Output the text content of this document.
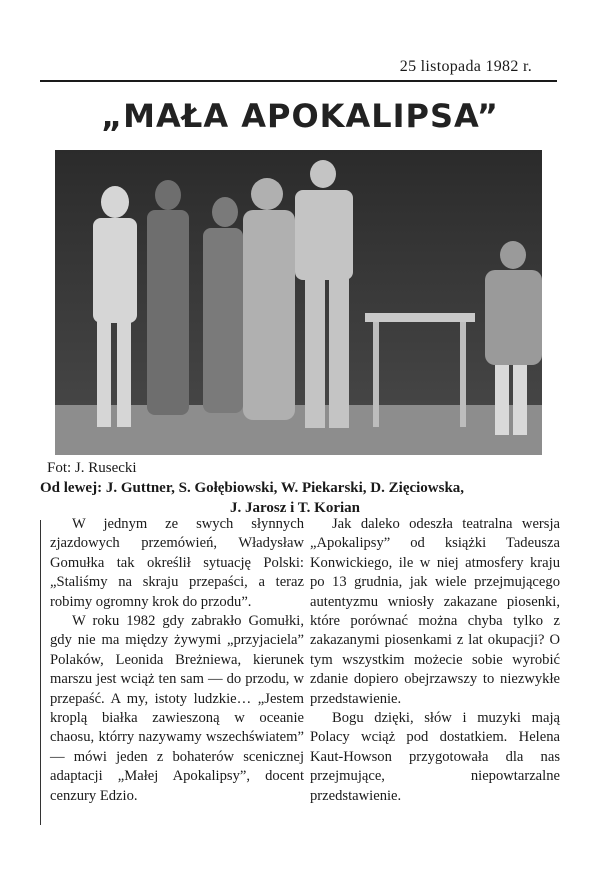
25 listopada 1982 r.
„MAŁA APOKALIPSA”
Fot: J. Rusecki
Od lewej: J. Guttner, S. Gołębiowski, W. Piekarski, D. Zięciowska,
J. Jarosz i T. Korian

W jednym ze swych słynnych zjazdowych przemówień, Władysław Gomułka tak określił sytuację Polski: „Staliśmy na skraju przepaści, a teraz robimy ogromny krok do przodu”.

W roku 1982 gdy zabrakło Gomułki, gdy nie ma między żywymi „przyjaciela” Polaków, Leonida Breżniewa, kierunek marszu jest wciąż ten sam — do przodu, w przepaść. A my, istoty ludzkie… „Jestem kroplą białka zawieszoną w oceanie chaosu, którry nazywamy wszechświatem” — mówi jeden z bohaterów scenicznej adaptacji „Małej Apokalipsy”, docent cenzury Edzio.

Jak daleko odeszła teatralna wersja „Apokalipsy” od książki Tadeusza Konwickiego, ile w niej atmosfery kraju po 13 grudnia, jak wiele przejmującego autentyzmu wniosły zakazane piosenki, które porównać można chyba tylko z zakazanymi piosenkami z lat okupacji? O tym wszystkim możecie sobie wyrobić zdanie dopiero obejrzawszy to niezwykłe przedstawienie.

Bogu dzięki, słów i muzyki mają Polacy wciąż pod dostatkiem. Helena Kaut-Howson przygotowała dla nas przejmujące, niepowtarzalne przedstawienie.
